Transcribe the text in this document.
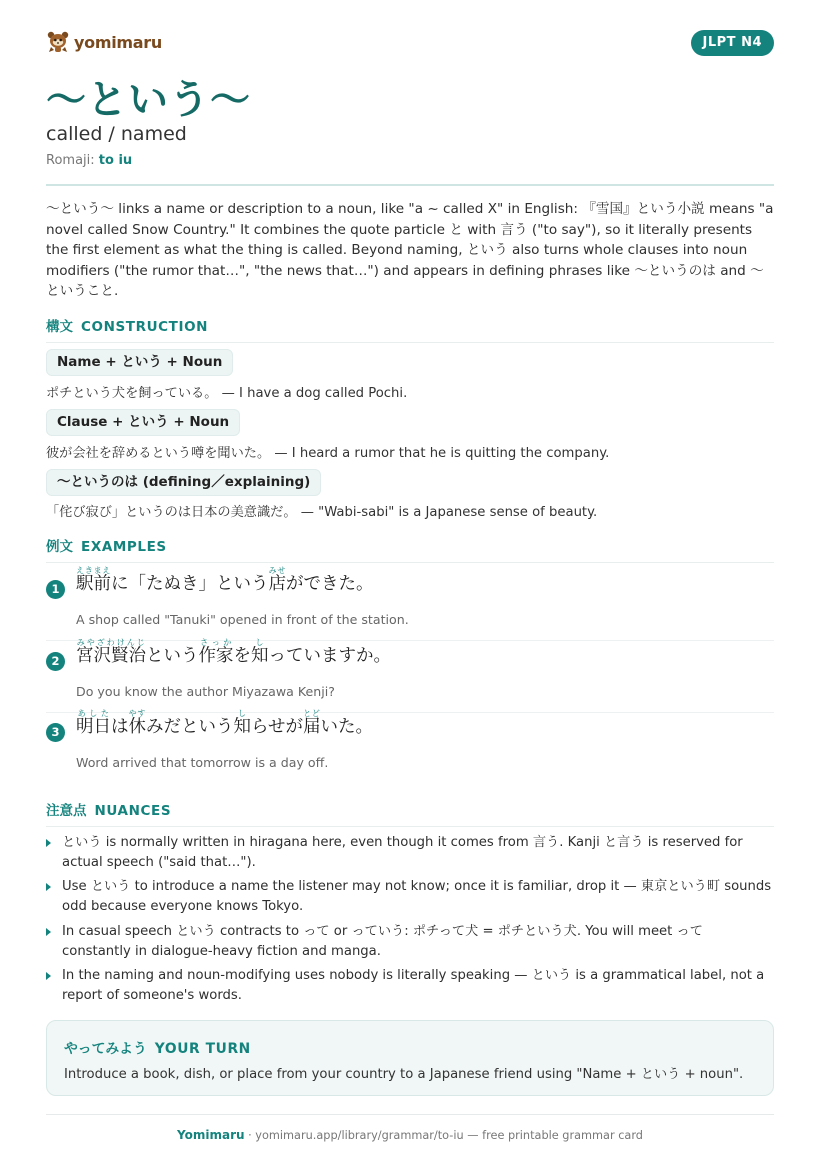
yomimaru	JLPT N4
〜という〜
called / named
Romaji: to iu

〜という〜 links a name or description to a noun, like "a ~ called X" in English: 『雪国』という小説 means "a novel called Snow Country." It combines the quote particle と with 言う ("to say"), so it literally presents the first element as what the thing is called. Beyond naming, という also turns whole clauses into noun modifiers ("the rumor that…", "the news that…") and appears in defining phrases like 〜というのは and 〜ということ.

構文 CONSTRUCTION
Name + という + Noun
ポチという犬を飼っている。 — I have a dog called Pochi.
Clause + という + Noun
彼が会社を辞めるという噂を聞いた。 — I heard a rumor that he is quitting the company.
〜というのは (defining／explaining)
「侘び寂び」というのは日本の美意識だ。 — "Wabi-sabi" is a Japanese sense of beauty.
例文 EXAMPLES
1 駅前えきまえに「たぬき」という店みせができた。
A shop called "Tanuki" opened in front of the station.
2 宮沢賢治みやざわけんじという作家さっかを知しっていますか。
Do you know the author Miyazawa Kenji?
3 明日あしたは休やすみだという知しらせが届とどいた。
Word arrived that tomorrow is a day off.
注意点 NUANCES
という is normally written in hiragana here, even though it comes from 言う. Kanji と言う is reserved for actual speech ("said that…").
Use という to introduce a name the listener may not know; once it is familiar, drop it — 東京という町 sounds odd because everyone knows Tokyo.
In casual speech という contracts to って or っていう: ポチって犬 = ポチという犬. You will meet って constantly in dialogue-heavy fiction and manga.
In the naming and noun-modifying uses nobody is literally speaking — という is a grammatical label, not a report of someone's words.
やってみよう YOUR TURN
Introduce a book, dish, or place from your country to a Japanese friend using "Name + という + noun".
Yomimaru · yomimaru.app/library/grammar/to-iu — free printable grammar card
